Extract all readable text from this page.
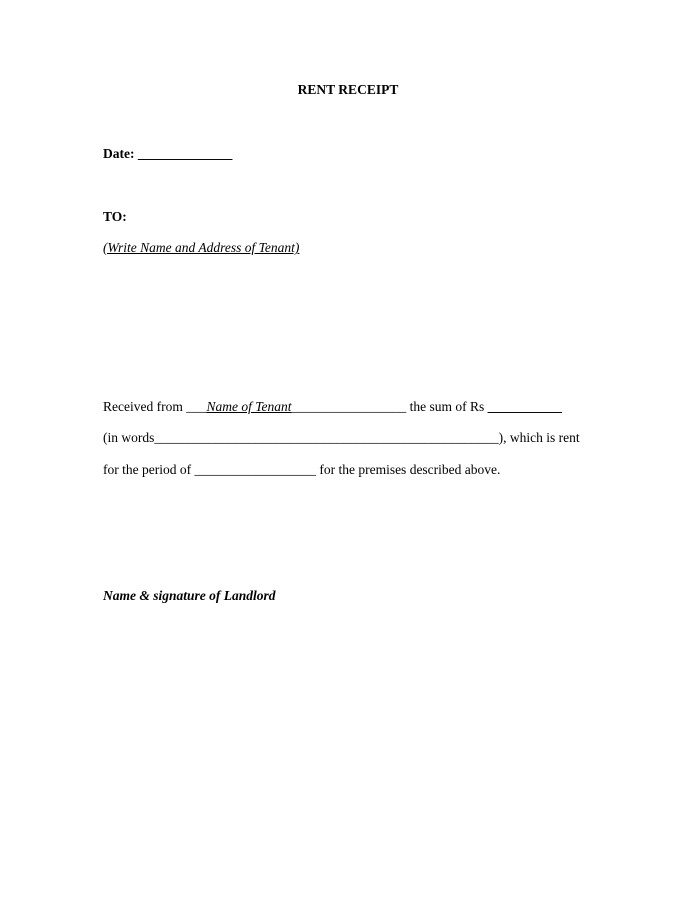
RENT RECEIPT
Date: ______________
TO:
(Write Name and Address of Tenant)
Received from ___Name of Tenant_________________ the sum of Rs ___________
(in words___________________________________________________), which is rent
for the period of __________________ for the premises described above.
Name & signature of Landlord
